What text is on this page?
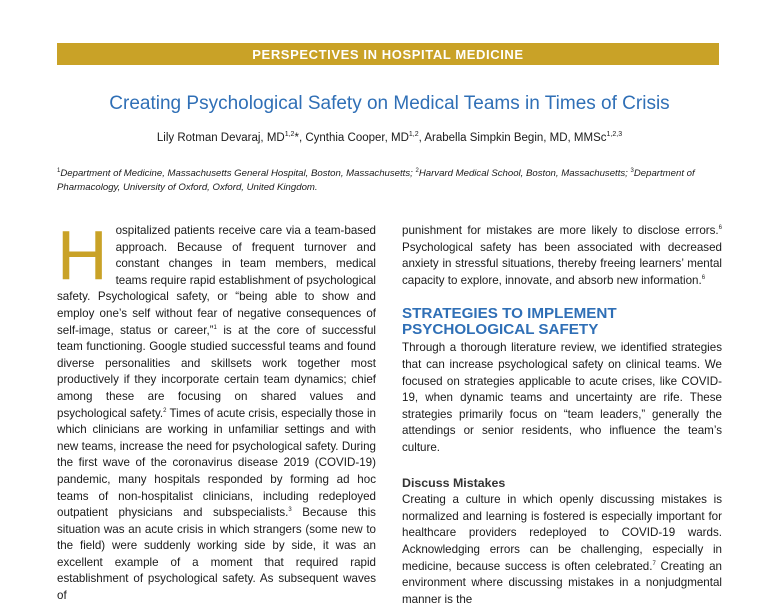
PERSPECTIVES IN HOSPITAL MEDICINE
Creating Psychological Safety on Medical Teams in Times of Crisis
Lily Rotman Devaraj, MD$^{1,2}$*, Cynthia Cooper, MD$^{1,2}$, Arabella Simpkin Begin, MD, MMSc$^{1,2,3}$
$^1$Department of Medicine, Massachusetts General Hospital, Boston, Massachusetts; $^2$Harvard Medical School, Boston, Massachusetts; $^3$Department of Pharmacology, University of Oxford, Oxford, United Kingdom.

Hospitalized patients receive care via a team-based approach. Because of frequent turnover and constant changes in team members, medical teams require rapid establishment of psychological safety. Psychological safety, or “being able to show and employ one’s self without fear of negative consequences of self-image, status or career,”$^1$ is at the core of successful team functioning. Google studied successful teams and found diverse personalities and skillsets work together most productively if they incorporate certain team dynamics; chief among these are focusing on shared values and psychological safety.$^2$ Times of acute crisis, especially those in which clinicians are working in unfamiliar settings and with new teams, increase the need for psychological safety. During the first wave of the coronavirus disease 2019 (COVID-19) pandemic, many hospitals responded by forming ad hoc teams of non-hospitalist clinicians, including redeployed outpatient physicians and subspecialists.$^3$ Because this situation was an acute crisis in which strangers (some new to the field) were suddenly working side by side, it was an excellent example of a moment that required rapid establishment of psychological safety. As subsequent waves of

punishment for mistakes are more likely to disclose errors.$^6$ Psychological safety has been associated with decreased anxiety in stressful situations, thereby freeing learners’ mental capacity to explore, innovate, and absorb new information.$^6$

STRATEGIES TO IMPLEMENT
PSYCHOLOGICAL SAFETY

Through a thorough literature review, we identified strategies that can increase psychological safety on clinical teams. We focused on strategies applicable to acute crises, like COVID-19, when dynamic teams and uncertainty are rife. These strategies primarily focus on “team leaders,” generally the attendings or senior residents, who influence the team’s culture.

Discuss Mistakes

Creating a culture in which openly discussing mistakes is normalized and learning is fostered is especially important for healthcare providers redeployed to COVID-19 wards. Acknowledging errors can be challenging, especially in medicine, because success is often celebrated.$^7$ Creating an environment where discussing mistakes in a nonjudgmental manner is the
